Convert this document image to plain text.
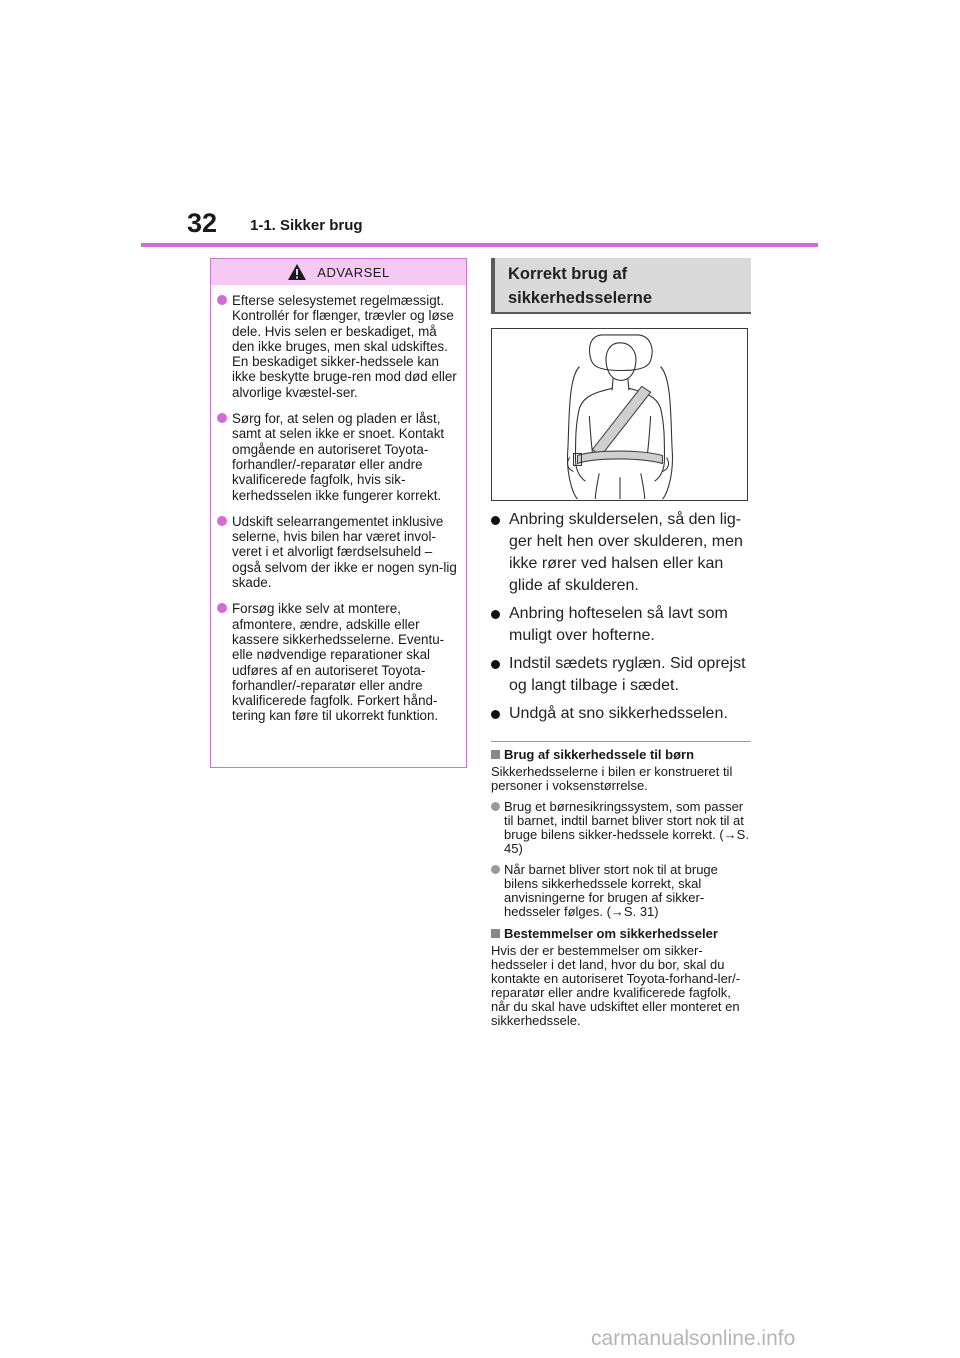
32 1-1. Sikker brug
ADVARSEL
Efterse selesystemet regelmæssigt. Kontrollér for flænger, trævler og løse dele. Hvis selen er beskadiget, må den ikke bruges, men skal udskiftes. En beskadiget sikker-hedssele kan ikke beskytte bruge-ren mod død eller alvorlige kvæstel-ser.
Sørg for, at selen og pladen er låst, samt at selen ikke er snoet. Kontakt omgående en autoriseret Toyota-forhandler/-reparatør eller andre kvalificerede fagfolk, hvis sik-kerhedsselen ikke fungerer korrekt.
Udskift selearrangementet inklusive selerne, hvis bilen har været invol-veret i et alvorligt færdselsuheld – også selvom der ikke er nogen syn-lig skade.
Forsøg ikke selv at montere, afmontere, ændre, adskille eller kassere sikkerhedsselerne. Eventu-elle nødvendige reparationer skal udføres af en autoriseret Toyota-forhandler/-reparatør eller andre kvalificerede fagfolk. Forkert hånd-tering kan føre til ukorrekt funktion.
Korrekt brug af
sikkerhedsselerne
Anbring skulderselen, så den lig-ger helt hen over skulderen, men ikke rører ved halsen eller kan glide af skulderen.
Anbring hofteselen så lavt som muligt over hofterne.
Indstil sædets ryglæn. Sid oprejst og langt tilbage i sædet.
Undgå at sno sikkerhedsselen.
Brug af sikkerhedssele til børn

Sikkerhedsselerne i bilen er konstrueret til personer i voksenstørrelse.

Brug et børnesikringssystem, som passer til barnet, indtil barnet bliver stort nok til at bruge bilens sikker-hedssele korrekt. (→S. 45)
Når barnet bliver stort nok til at bruge bilens sikkerhedssele korrekt, skal anvisningerne for brugen af sikker-hedsseler følges. (→S. 31)
Bestemmelser om sikkerhedsseler

Hvis der er bestemmelser om sikker-hedsseler i det land, hvor du bor, skal du kontakte en autoriseret Toyota-forhand-ler/-reparatør eller andre kvalificerede fagfolk, når du skal have udskiftet eller monteret en sikkerhedssele.

carmanualsonline.info
